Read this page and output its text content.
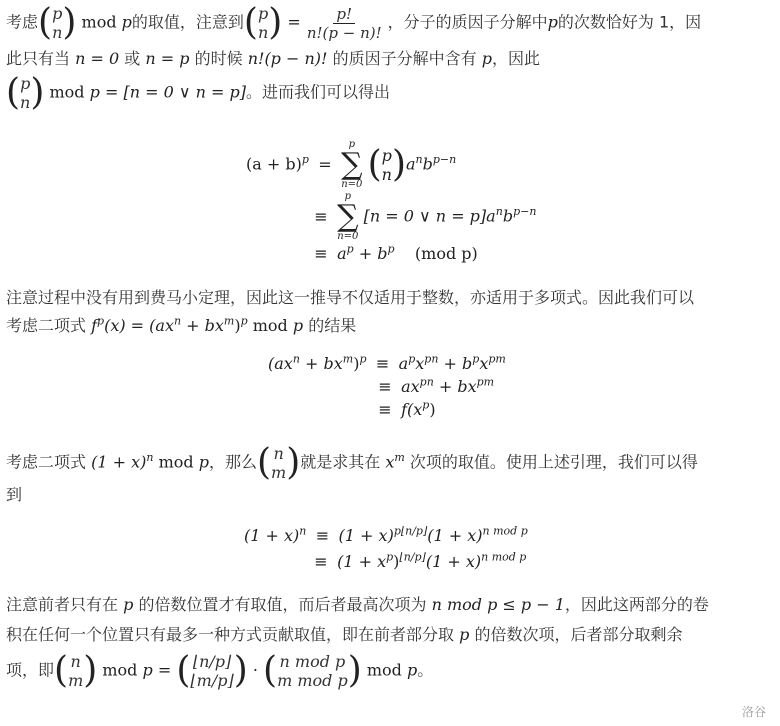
考虑( p
n ) mod p的取值，注意到( p
n ) = $\frac{p!}{n!(p - n)!}$ ，分子的质因子分解中p的次数恰好为 1，因
此只有当 n = 0 或 n = p 的时候 n!(p − n)! 的质因子分解中含有 p，因此
( p
n ) mod p = [n = 0 ∨ n = p]。进而我们可以得出
$(a + b)^p$ =
p
∑
n=0 ( p
n )$a^nb^{p-n}$
≡
p
∑
n=0
[n = 0 ∨ $n = p]a^nb^{p-n}$
≡ $a^p + b^p$ (mod p)
注意过程中没有用到费马小定理，因此这一推导不仅适用于整数，亦适用于多项式。因此我们可以
考虑二项式 $f^p(x) = (ax^n + bx^m)^p$ mod p 的结果
$(ax^n + bx^m)^p \equiv a^px^{pn} + b^px^{pm}$
≡ $ax^{pn} + bx^{pm}$
≡ $f(x^p)$
考虑二项式 $(1 + x)^n$ mod p，那么( n
m )就是求其在 $x^m$ 次项的取值。使用上述引理，我们可以得
到
$(1 + x)^n \equiv (1 + x)^{p⌊n/p⌋}(1 + x)^{n mod p}$
≡ $(1 + x^p)^{⌊n/p⌋}(1 + x)^{n mod p}$
注意前者只有在 p 的倍数位置才有取值，而后者最高次项为 n mod p ≤ p − 1，因此这两部分的卷
积在任何一个位置只有最多一种方式贡献取值，即在前者部分取 p 的倍数次项，后者部分取剩余
项，即( n
m ) mod p = ( ⌊n/p⌋
⌊m/p⌋ ) · ( n mod p
m mod p ) mod p。
洛谷
